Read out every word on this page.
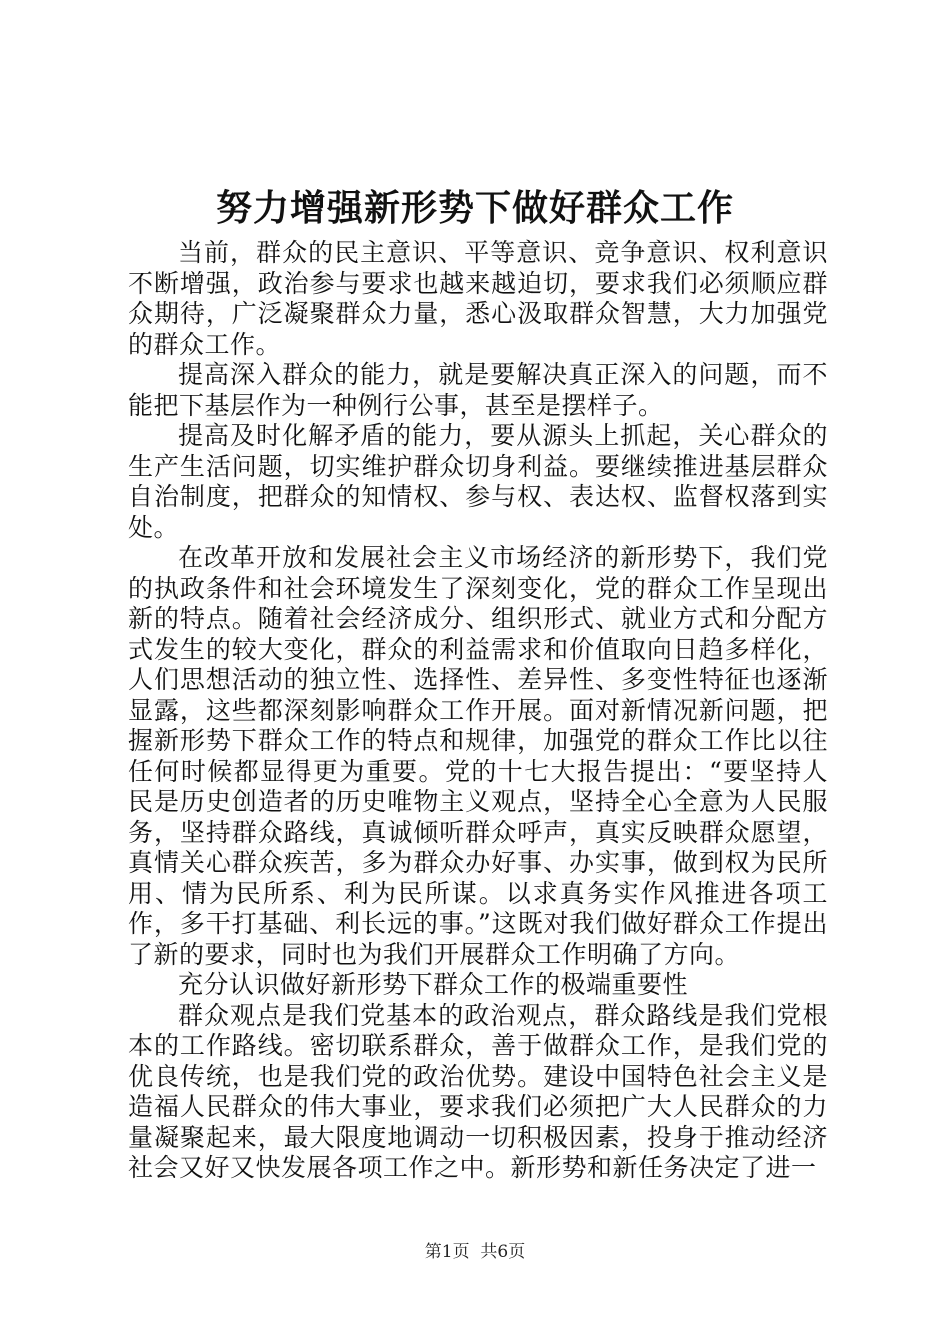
努力增强新形势下做好群众工作

当前，群众的民主意识、平等意识、竞争意识、权利意识不断增强，政治参与要求也越来越迫切，要求我们必须顺应群众期待，广泛凝聚群众力量，悉心汲取群众智慧，大力加强党的群众工作。

提高深入群众的能力，就是要解决真正深入的问题，而不能把下基层作为一种例行公事，甚至是摆样子。

提高及时化解矛盾的能力，要从源头上抓起，关心群众的生产生活问题，切实维护群众切身利益。要继续推进基层群众自治制度，把群众的知情权、参与权、表达权、监督权落到实处。

在改革开放和发展社会主义市场经济的新形势下，我们党的执政条件和社会环境发生了深刻变化，党的群众工作呈现出新的特点。随着社会经济成分、组织形式、就业方式和分配方式发生的较大变化，群众的利益需求和价值取向日趋多样化，人们思想活动的独立性、选择性、差异性、多变性特征也逐渐显露，这些都深刻影响群众工作开展。面对新情况新问题，把握新形势下群众工作的特点和规律，加强党的群众工作比以往任何时候都显得更为重要。党的十七大报告提出：“要坚持人民是历史创造者的历史唯物主义观点，坚持全心全意为人民服务，坚持群众路线，真诚倾听群众呼声，真实反映群众愿望，真情关心群众疾苦，多为群众办好事、办实事，做到权为民所用、情为民所系、利为民所谋。以求真务实作风推进各项工作，多干打基础、利长远的事。”这既对我们做好群众工作提出了新的要求，同时也为我们开展群众工作明确了方向。

充分认识做好新形势下群众工作的极端重要性

群众观点是我们党基本的政治观点，群众路线是我们党根本的工作路线。密切联系群众，善于做群众工作，是我们党的优良传统，也是我们党的政治优势。建设中国特色社会主义是造福人民群众的伟大事业，要求我们必须把广大人民群众的力量凝聚起来，最大限度地调动一切积极因素，投身于推动经济社会又好又快发展各项工作之中。新形势和新任务决定了进一

第1页 共6页
